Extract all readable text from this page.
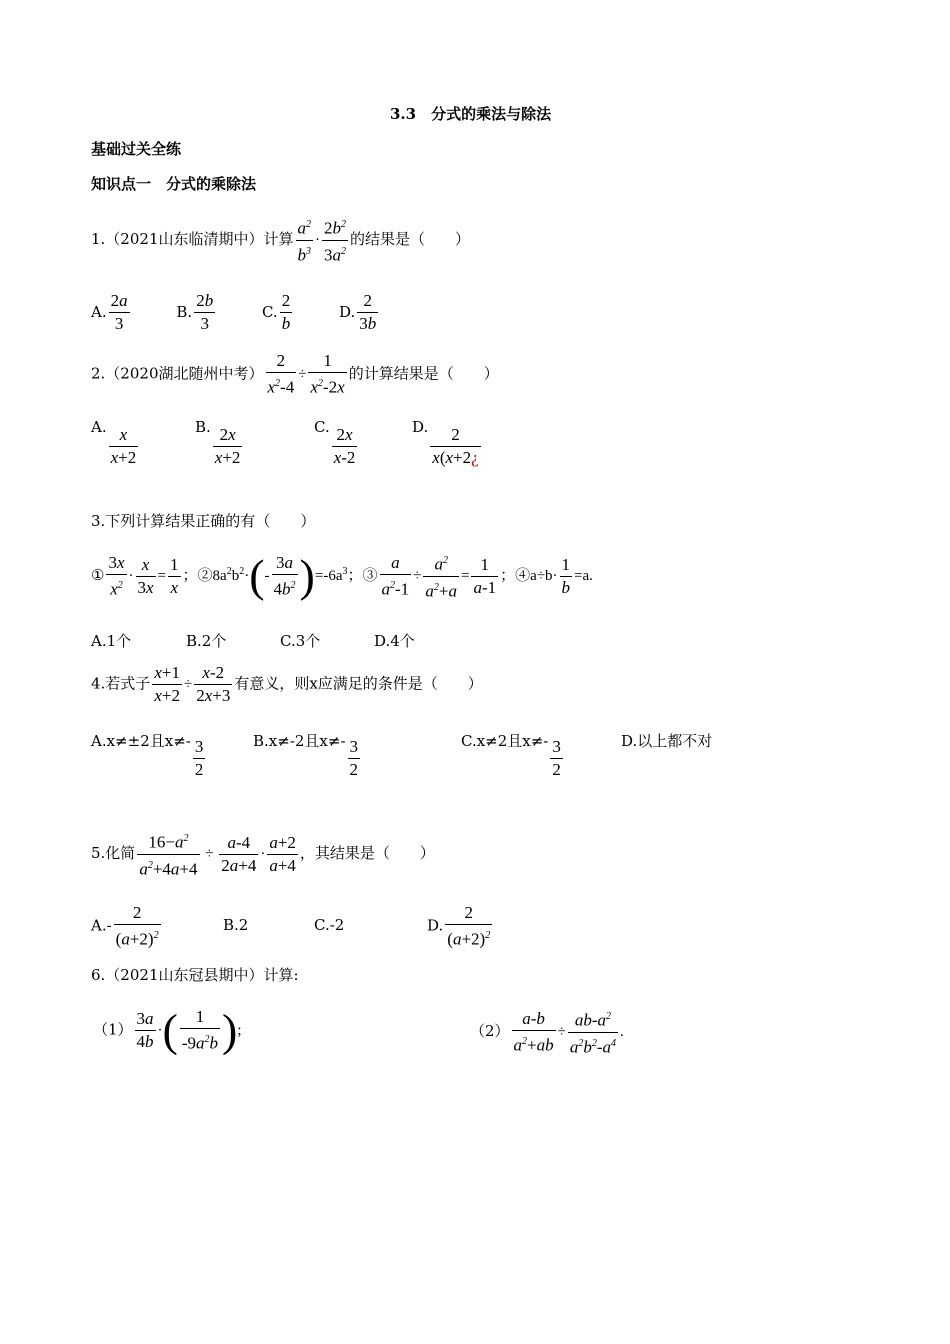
3.3　分式的乘法与除法
基础过关全练
知识点一　分式的乘除法
1.（2021山东临清期中）计算 $\frac{a^2}{b^3} \cdot \frac{2b^2}{3a^2}$ 的结果是（　　）
A. $\frac{2a}{3}$	B. $\frac{2b}{3}$	C. $\frac{2}{b}$	D. $\frac{2}{3b}$
2.（2020湖北随州中考） $\frac{2}{x^2-4} \div \frac{1}{x^2-2x}$ 的计算结果是（　　）
A. $\frac{x}{x+2}$	B. $\frac{2x}{x+2}$	C. $\frac{2x}{x-2}$	D. $\frac{2}{x(x+2¿}$
3.下列计算结果正确的有（　　）
① $\frac{3x}{x^2} \cdot \frac{x}{3x} = \frac{1}{x}$ ；$②8a^2b^2\cdot(- \frac{3a}{4b^2} )=-6a^3$；③ $\frac{a}{a^2-1} \div \frac{a^2}{a^2+a} = \frac{1}{a-1}$ ；④a÷b· $\frac{1}{b} =a$.
A.1个	B.2个	C.3个	D.4个
4.若式子 $\frac{x+1}{x+2} \div \frac{x-2}{2x+3}$ 有意义，则x应满足的条件是（　　）
A.x≠±2且$x\ne- \frac{3}{2}$	B.x≠-2且$x\ne- \frac{3}{2}$	C.x≠2且$x\ne- \frac{3}{2}$	D.以上都不对
5.化简 $\frac{16-a^2}{a^2+4a+4} \div \frac{a-4}{2a+4} \cdot \frac{a+2}{a+4}$ ，其结果是（　　）
$A.- \frac{2}{(a+2)^2}$	B.2	C.-2	D. $\frac{2}{(a+2)^2}$
6.（2021山东冠县期中）计算:
$(1) \frac{3a}{4b}$ ·( $\frac{1}{-9a^2b}$ );	$(2) \frac{a-b}{a^2+ab} \div \frac{ab-a^2}{a^2b^2-a^4}$ .
